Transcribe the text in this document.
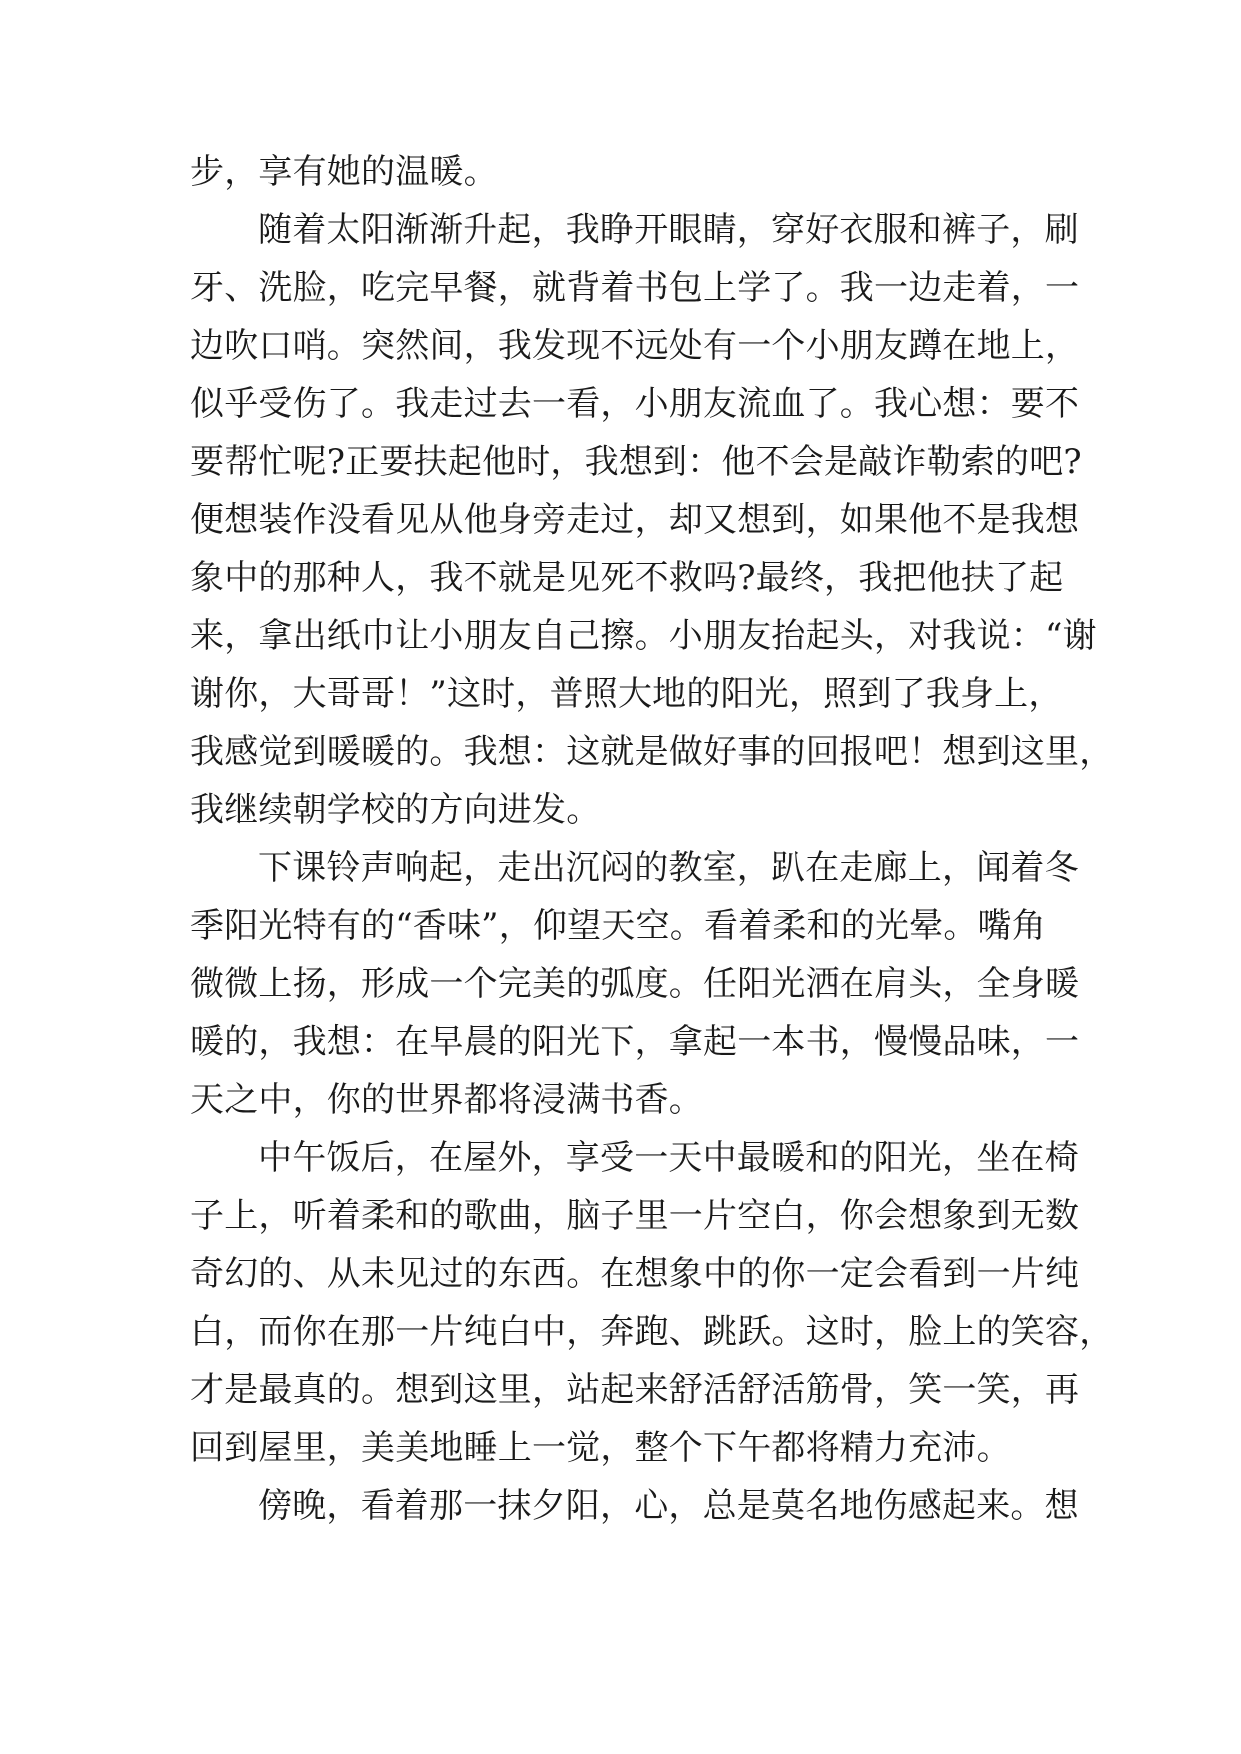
步，享有她的温暖。
随着太阳渐渐升起，我睁开眼睛，穿好衣服和裤子，刷
牙、洗脸，吃完早餐，就背着书包上学了。我一边走着，一
边吹口哨。突然间，我发现不远处有一个小朋友蹲在地上，
似乎受伤了。我走过去一看，小朋友流血了。我心想：要不
要帮忙呢?正要扶起他时，我想到：他不会是敲诈勒索的吧?
便想装作没看见从他身旁走过，却又想到，如果他不是我想
象中的那种人，我不就是见死不救吗?最终，我把他扶了起
来，拿出纸巾让小朋友自己擦。小朋友抬起头，对我说：“谢
谢你，大哥哥！”这时，普照大地的阳光，照到了我身上，
我感觉到暖暖的。我想：这就是做好事的回报吧！想到这里，
我继续朝学校的方向进发。
下课铃声响起，走出沉闷的教室，趴在走廊上，闻着冬
季阳光特有的“香味”，仰望天空。看着柔和的光晕。嘴角
微微上扬，形成一个完美的弧度。任阳光洒在肩头，全身暖
暖的，我想：在早晨的阳光下，拿起一本书，慢慢品味，一
天之中，你的世界都将浸满书香。
中午饭后，在屋外，享受一天中最暖和的阳光，坐在椅
子上，听着柔和的歌曲，脑子里一片空白，你会想象到无数
奇幻的、从未见过的东西。在想象中的你一定会看到一片纯
白，而你在那一片纯白中，奔跑、跳跃。这时，脸上的笑容，
才是最真的。想到这里，站起来舒活舒活筋骨，笑一笑，再
回到屋里，美美地睡上一觉，整个下午都将精力充沛。
傍晚，看着那一抹夕阳，心，总是莫名地伤感起来。想
